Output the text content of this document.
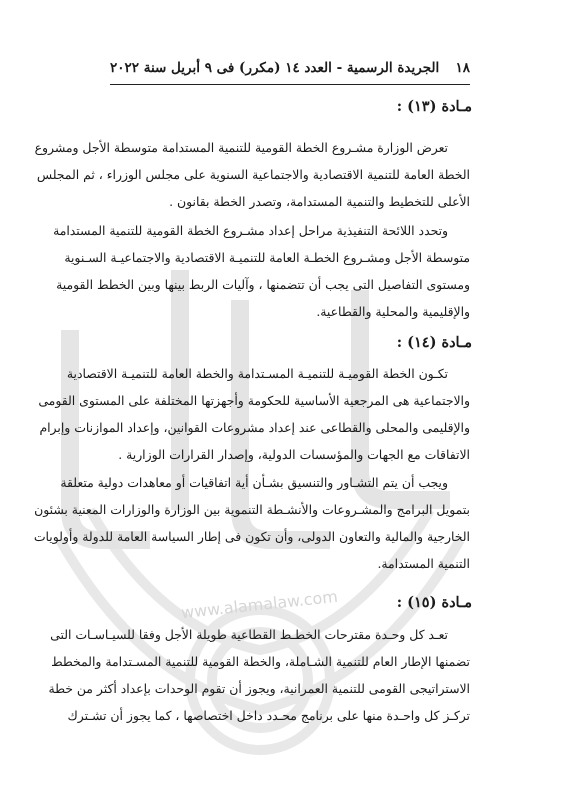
www.alamalaw.com
١٨
الجريدة الرسمية - العدد ١٤ (مكرر) فى ٩ أبريل سنة ٢٠٢٢
مـادة (١٣) :
تعرض الوزارة مشـروع الخطة القومية للتنمية المستدامة متوسطة الأجل ومشروع
الخطة العامة للتنمية الاقتصادية والاجتماعية السنوية على مجلس الوزراء ، ثم المجلس
الأعلى للتخطيط والتنمية المستدامة، وتصدر الخطة بقانون .
وتحدد اللائحة التنفيذية مراحل إعداد مشـروع الخطة القومية للتنمية المستدامة
متوسطة الأجل ومشـروع الخطـة العامة للتنميـة الاقتصادية والاجتماعيـة السـنوية
ومستوى التفاصيل التى يجب أن تتضمنها ، وآليات الربط بينها وبين الخطط القومية
والإقليمية والمحلية والقطاعية.
مـادة (١٤) :
تكـون الخطة القوميـة للتنميـة المسـتدامة والخطة العامة للتنميـة الاقتصادية
والاجتماعية هى المرجعية الأساسية للحكومة وأجهزتها المختلفة على المستوى القومى
والإقليمى والمحلى والقطاعى عند إعداد مشروعات القوانين، وإعداد الموازنات وإبرام
الاتفاقات مع الجهات والمؤسسات الدولية، وإصدار القرارات الوزارية .
ويجب أن يتم التشـاور والتنسيق بشـأن أية اتفاقيات أو معاهدات دولية متعلقة
بتمويل البرامج والمشـروعات والأنشـطة التنموية بين الوزارة والوزارات المعنية بشئون
الخارجية والمالية والتعاون الدولى، وأن تكون فى إطار السياسة العامة للدولة وأولويات
التنمية المستدامة.
مـادة (١٥) :
تعـد كل وحـدة مقترحات الخطـط القطاعية طويلة الأجل وفقا للسيـاسـات التى
تضمنها الإطار العام للتنمية الشـاملة، والخطة القومية للتنمية المسـتدامة والمخطط
الاستراتيجى القومى للتنمية العمرانية، ويجوز أن تقوم الوحدات بإعداد أكثر من خطة
تركـز كل واحـدة منها على برنامج محـدد داخل اختصاصها ، كما يجوز أن تشـترك
